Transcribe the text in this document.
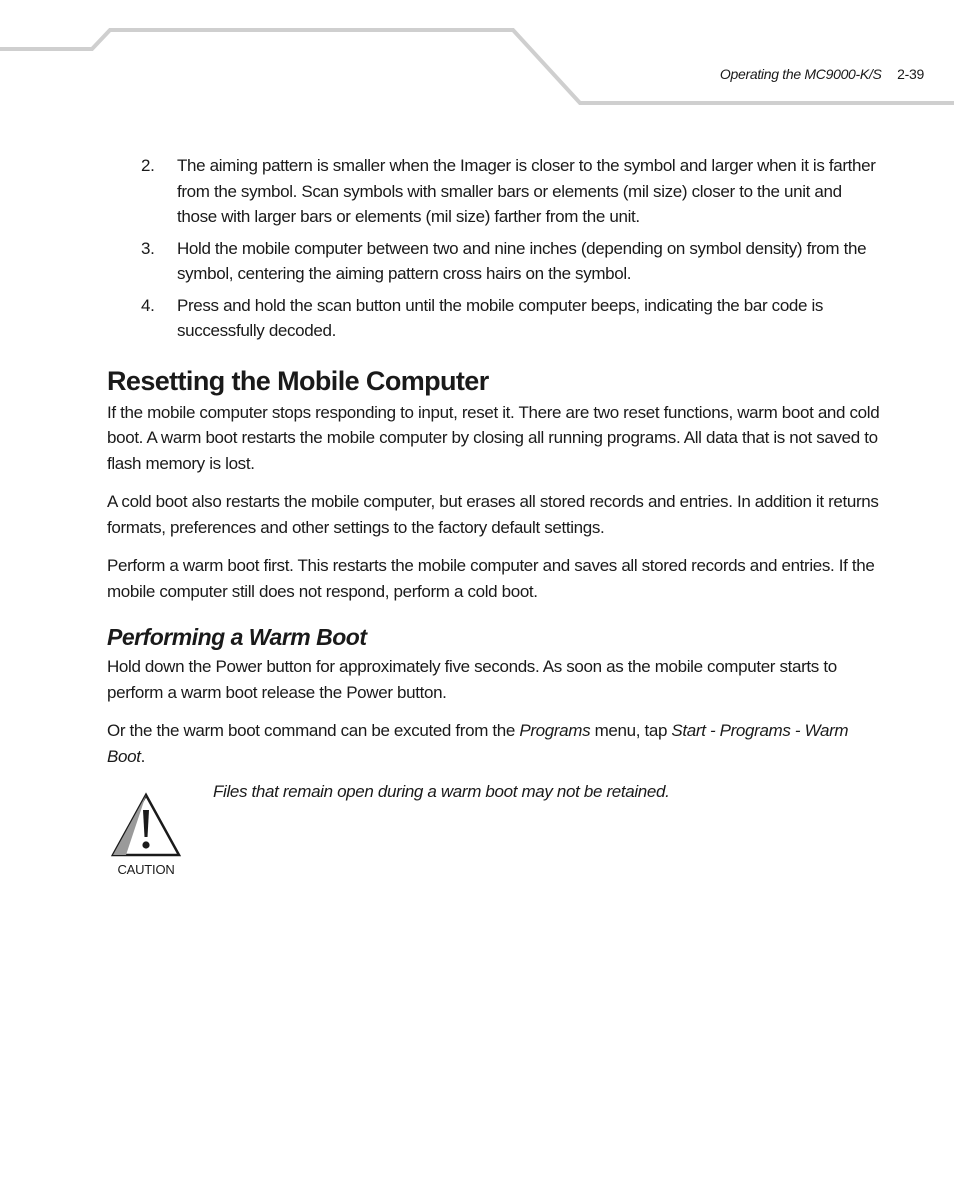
Operating the MC9000-K/S 2-39
2. The aiming pattern is smaller when the Imager is closer to the symbol and larger when it is farther from the symbol. Scan symbols with smaller bars or elements (mil size) closer to the unit and those with larger bars or elements (mil size) farther from the unit.
3. Hold the mobile computer between two and nine inches (depending on symbol density) from the symbol, centering the aiming pattern cross hairs on the symbol.
4. Press and hold the scan button until the mobile computer beeps, indicating the bar code is successfully decoded.
Resetting the Mobile Computer

If the mobile computer stops responding to input, reset it. There are two reset functions, warm boot and cold boot. A warm boot restarts the mobile computer by closing all running programs. All data that is not saved to flash memory is lost.

A cold boot also restarts the mobile computer, but erases all stored records and entries. In addition it returns formats, preferences and other settings to the factory default settings.

Perform a warm boot first. This restarts the mobile computer and saves all stored records and entries. If the mobile computer still does not respond, perform a cold boot.

Performing a Warm Boot

Hold down the Power button for approximately five seconds. As soon as the mobile computer starts to perform a warm boot release the Power button.

Or the the warm boot command can be excuted from the Programs menu, tap Start - Programs - Warm Boot.

CAUTION
Files that remain open during a warm boot may not be retained.
